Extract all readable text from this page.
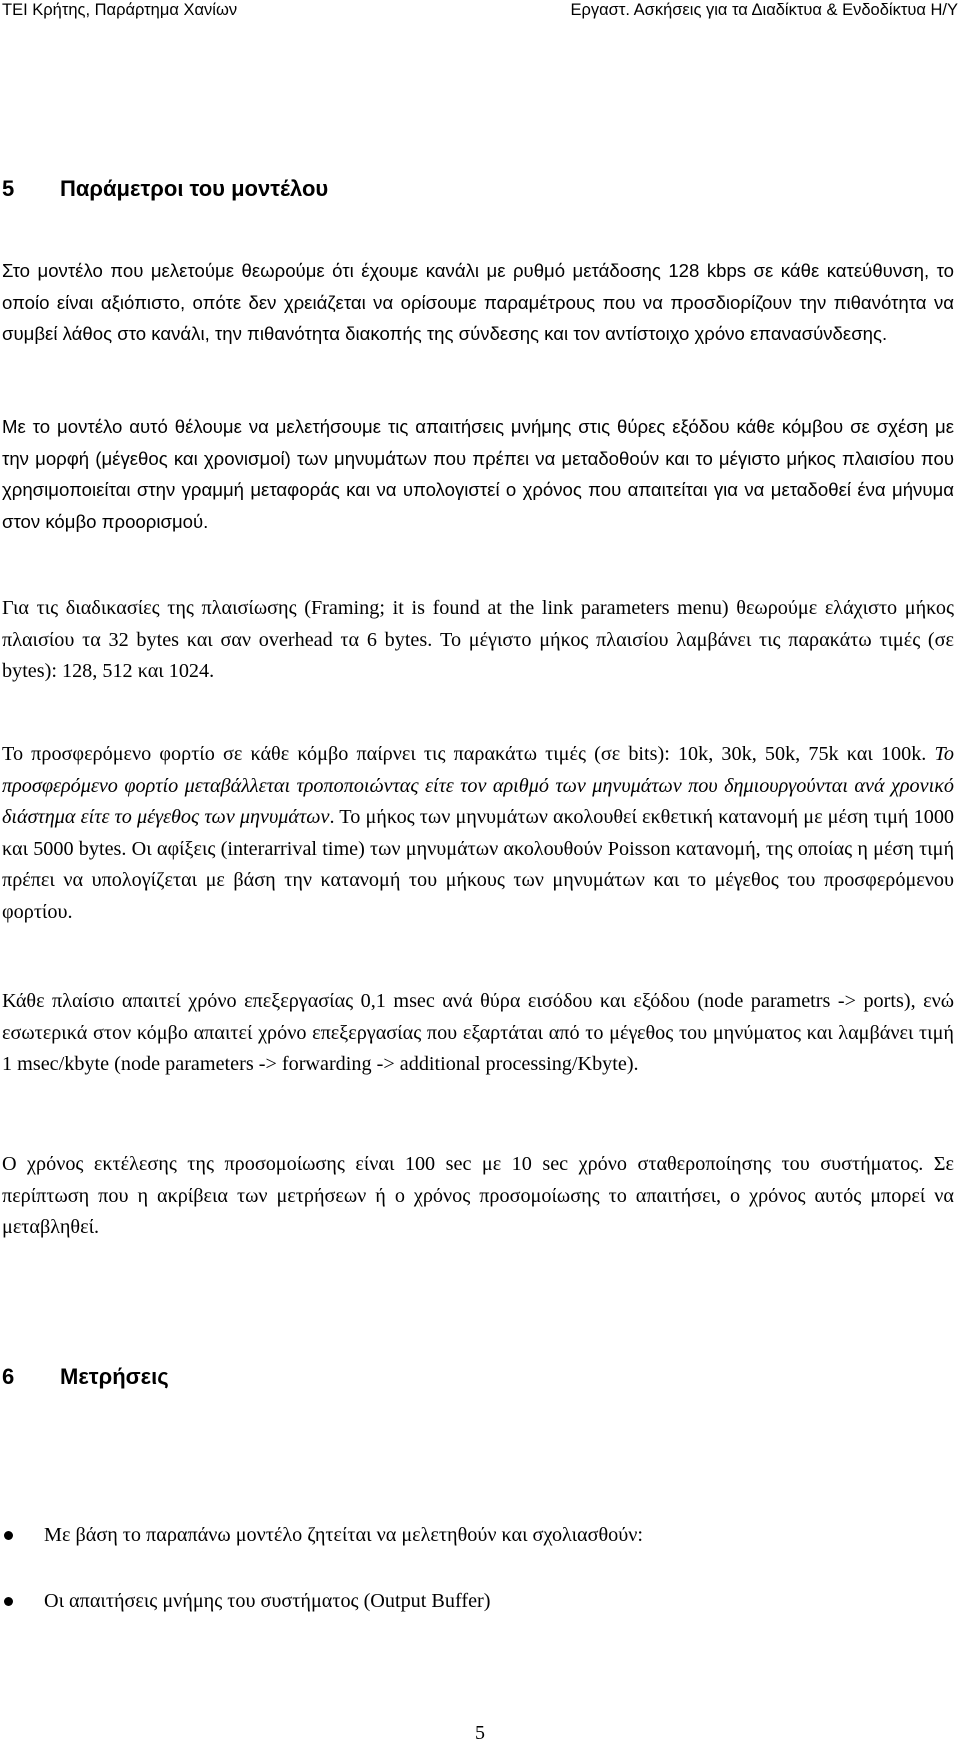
ΤΕΙ Κρήτης, Παράρτημα Χανίων	Εργαστ. Ασκήσεις για τα Διαδίκτυα & Ενδοδίκτυα Η/Υ
5 Παράμετροι του μοντέλου

Στο μοντέλο που μελετούμε θεωρούμε ότι έχουμε κανάλι με ρυθμό μετάδοσης 128 kbps σε κάθε κατεύθυνση, το οποίο είναι αξιόπιστο, οπότε δεν χρειάζεται να ορίσουμε παραμέτρους που να προσδιορίζουν την πιθανότητα να συμβεί λάθος στο κανάλι, την πιθανότητα διακοπής της σύνδεσης και τον αντίστοιχο χρόνο επανασύνδεσης.

Με το μοντέλο αυτό θέλουμε να μελετήσουμε τις απαιτήσεις μνήμης στις θύρες εξόδου κάθε κόμβου σε σχέση με την μορφή (μέγεθος και χρονισμοί) των μηνυμάτων που πρέπει να μεταδοθούν και το μέγιστο μήκος πλαισίου που χρησιμοποιείται στην γραμμή μεταφοράς και να υπολογιστεί ο χρόνος που απαιτείται για να μεταδοθεί ένα μήνυμα στον κόμβο προορισμού.

Για τις διαδικασίες της πλαισίωσης (Framing; it is found at the link parameters menu) θεωρούμε ελάχιστο μήκος πλαισίου τα 32 bytes και σαν overhead τα 6 bytes. Το μέγιστο μήκος πλαισίου λαμβάνει τις παρακάτω τιμές (σε bytes): 128, 512 και 1024.

Το προσφερόμενο φορτίο σε κάθε κόμβο παίρνει τις παρακάτω τιμές (σε bits): 10k, 30k, 50k, 75k και 100k. Το προσφερόμενο φορτίο μεταβάλλεται τροποποιώντας είτε τον αριθμό των μηνυμάτων που δημιουργούνται ανά χρονικό διάστημα είτε το μέγεθος των μηνυμάτων. Το μήκος των μηνυμάτων ακολουθεί εκθετική κατανομή με μέση τιμή 1000 και 5000 bytes. Οι αφίξεις (interarrival time) των μηνυμάτων ακολουθούν Poisson κατανομή, της οποίας η μέση τιμή πρέπει να υπολογίζεται με βάση την κατανομή του μήκους των μηνυμάτων και το μέγεθος του προσφερόμενου φορτίου.

Κάθε πλαίσιο απαιτεί χρόνο επεξεργασίας 0,1 msec ανά θύρα εισόδου και εξόδου (node parametrs -> ports), ενώ εσωτερικά στον κόμβο απαιτεί χρόνο επεξεργασίας που εξαρτάται από το μέγεθος του μηνύματος και λαμβάνει τιμή 1 msec/kbyte (node parameters -> forwarding -> additional processing/Kbyte).

Ο χρόνος εκτέλεσης της προσομοίωσης είναι 100 sec με 10 sec χρόνο σταθεροποίησης του συστήματος. Σε περίπτωση που η ακρίβεια των μετρήσεων ή ο χρόνος προσομοίωσης το απαιτήσει, ο χρόνος αυτός μπορεί να μεταβληθεί.

6 Μετρήσεις
Με βάση το παραπάνω μοντέλο ζητείται να μελετηθούν και σχολιασθούν:
Οι απαιτήσεις μνήμης του συστήματος (Output Buffer)
5
